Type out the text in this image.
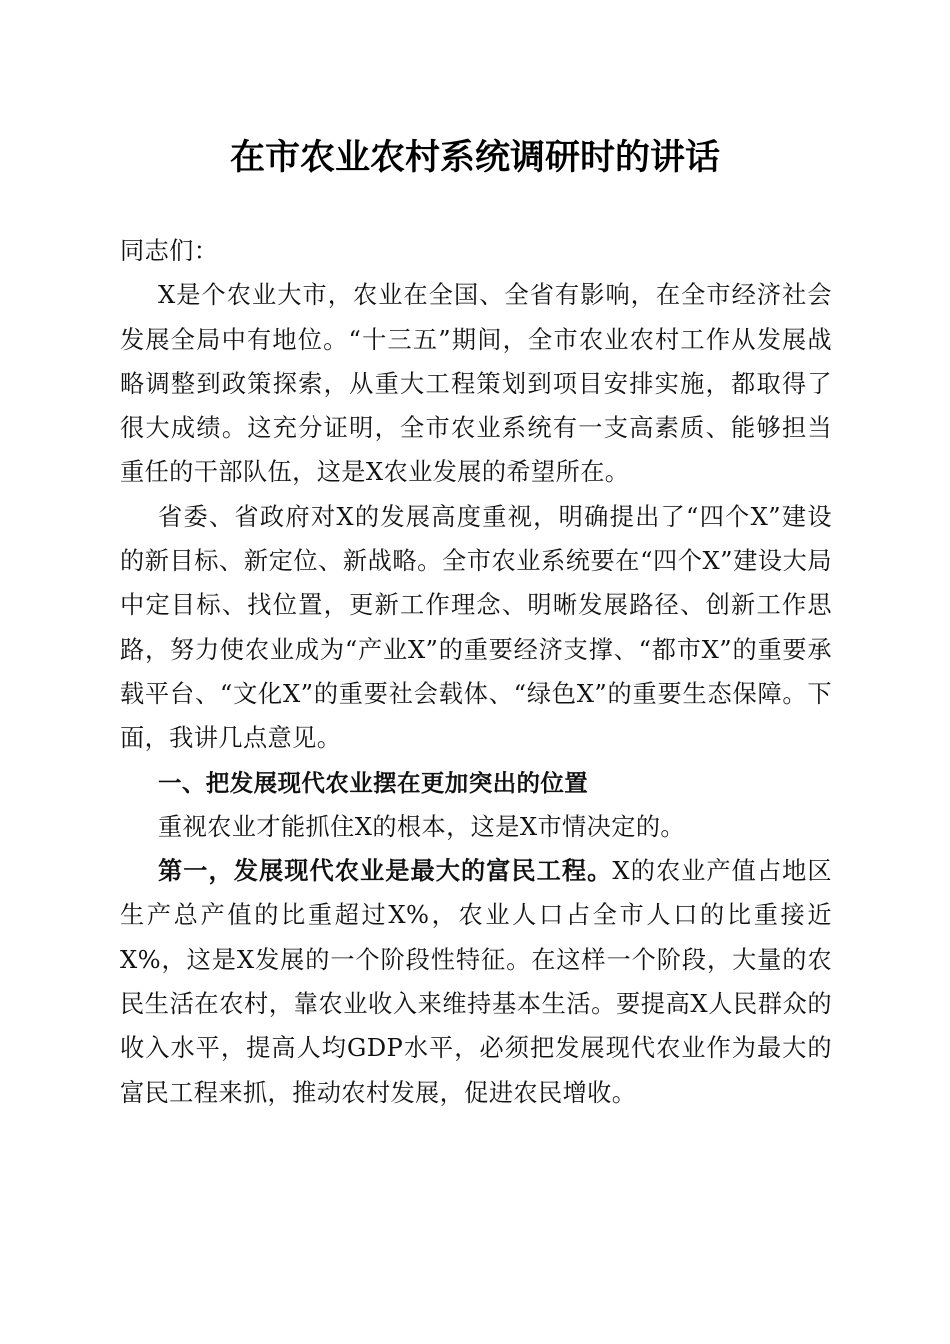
在市农业农村系统调研时的讲话

同志们：

X是个农业大市，农业在全国、全省有影响，在全市经济社会发展全局中有地位。“十三五”期间，全市农业农村工作从发展战略调整到政策探索，从重大工程策划到项目安排实施，都取得了很大成绩。这充分证明，全市农业系统有一支高素质、能够担当重任的干部队伍，这是X农业发展的希望所在。

省委、省政府对X的发展高度重视，明确提出了“四个X”建设的新目标、新定位、新战略。全市农业系统要在“四个X”建设大局中定目标、找位置，更新工作理念、明晰发展路径、创新工作思路，努力使农业成为“产业X”的重要经济支撑、“都市X”的重要承载平台、“文化X”的重要社会载体、“绿色X”的重要生态保障。下面，我讲几点意见。

一、把发展现代农业摆在更加突出的位置

重视农业才能抓住X的根本，这是X市情决定的。

第一，发展现代农业是最大的富民工程。X的农业产值占地区生产总产值的比重超过X%，农业人口占全市人口的比重接近X%，这是X发展的一个阶段性特征。在这样一个阶段，大量的农民生活在农村，靠农业收入来维持基本生活。要提高X人民群众的收入水平，提高人均GDP水平，必须把发展现代农业作为最大的富民工程来抓，推动农村发展，促进农民增收。
